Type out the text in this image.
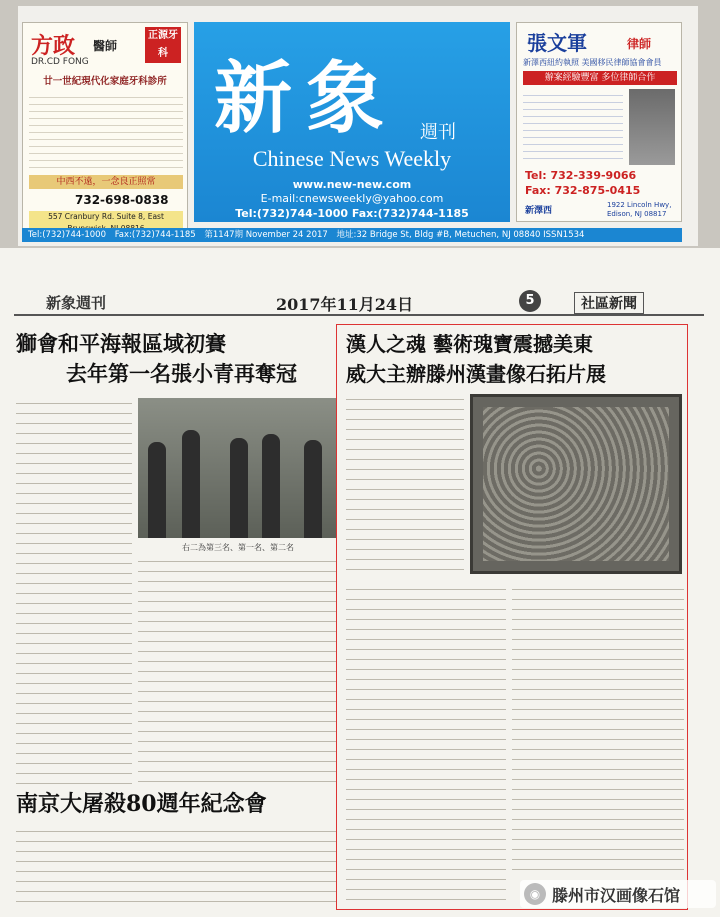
方政 醫師
正源牙科
DR.CD FONG
廿一世紀現代化家庭牙科診所
中西不遠，一念良正照常
732-698-0838
557 Cranbury Rd. Suite 8, East
新象 週刊
Chinese News Weekly
www.new-new.com
E-mail:cnewsweekly@yahoo.com
Tel:(732)744-1000 Fax:(732)744-1185
張文軍	律師
新澤西紐約執照 美國移民律師協會會員
辦案經驗豐富 多位律師合作
Tel: 732-339-9066
Fax: 732-875-0415
新澤西
1922 Lincoln Hwy, Edison, NJ 08817
Tel:(732)744-1000 Fax:(732)744-1185 第1147期 November 24 2017 地址:32 Bridge St, Bldg #B, Metuchen, NJ 08840 ISSN1534
新象週刊	2017年11月24日	5	社區新聞
獅會和平海報區域初賽
去年第一名張小青再奪冠
右二為第三名、第一名、第二名
南京大屠殺80週年紀念會
漢人之魂 藝術瑰寶震撼美東
威大主辦滕州漢畫像石拓片展
◉ 滕州市汉画像石馆
